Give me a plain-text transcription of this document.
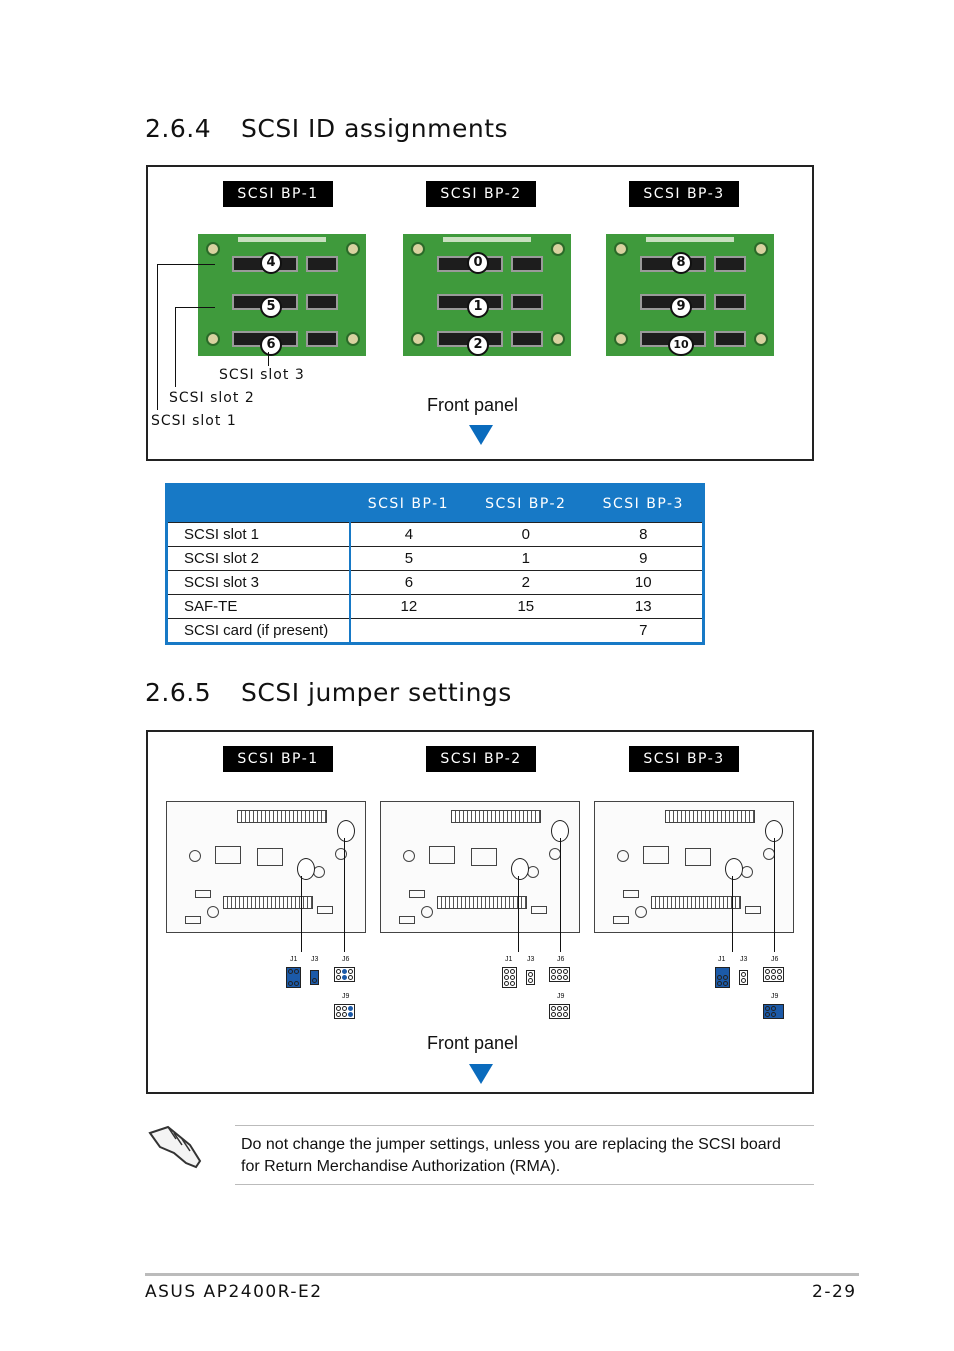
2.6.4 SCSI ID assignments
SCSI BP-1	SCSI BP-2	SCSI BP-3
4
5
6
0
1
2
8
9
10
SCSI slot 3
SCSI slot 2
SCSI slot 1
Front panel
	SCSI BP-1	SCSI BP-2	SCSI BP-3
SCSI slot 1	4	0	8
SCSI slot 2	5	1	9
SCSI slot 3	6	2	10
SAF-TE	12	15	13
SCSI card (if present)			7
2.6.5 SCSI jumper settings
SCSI BP-1	SCSI BP-2	SCSI BP-3
J1 J3	J6
J9
J1 J3	J6
J9
J1 J3	J6
J9
Front panel
Do not change the jumper settings, unless you are replacing the SCSI board for Return Merchandise Authorization (RMA).
ASUS AP2400R-E2	2-29
